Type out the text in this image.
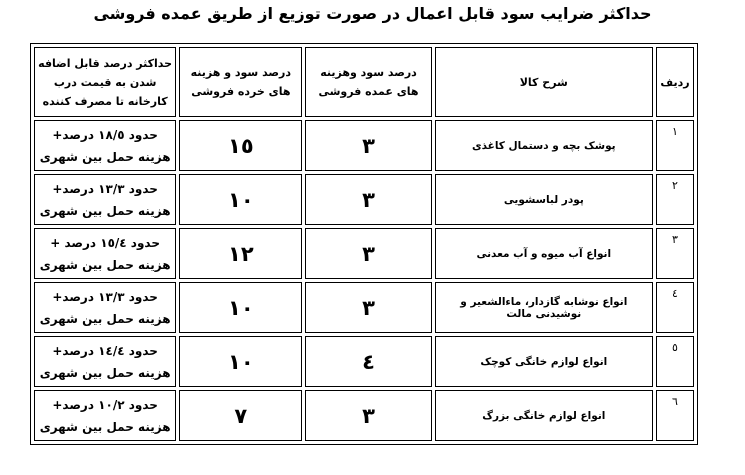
حداکثر ضرایب سود قابل اعمال در صورت توزیع از طریق عمده فروشی
ردیف	شرح کالا	درصد سود وهزینه های عمده فروشی	درصد سود و هزینه های خرده فروشی	حداکثر درصد قابل اضافه شدن به قیمت درب کارخانه تا مصرف کننده
١	پوشک بچه و دستمال کاغذی	٣	١٥	حدود ١٨/٥ درصد+ هزینه حمل بین شهری
٢	پودر لباسشویی	٣	١٠	حدود ١٣/٣ درصد+ هزینه حمل بین شهری
٣	انواع آب میوه و آب معدنی	٣	١٢	حدود ١٥/٤ درصد + هزینه حمل بین شهری
٤	انواع نوشابه گازدار، ماءالشعیر و نوشیدنی مالت	٣	١٠	حدود ١٣/٣ درصد+ هزینه حمل بین شهری
٥	انواع لوازم خانگی کوچک	٤	١٠	حدود ١٤/٤ درصد+ هزینه حمل بین شهری
٦	انواع لوازم خانگی بزرگ	٣	٧	حدود ١٠/٢ درصد+ هزینه حمل بین شهری
